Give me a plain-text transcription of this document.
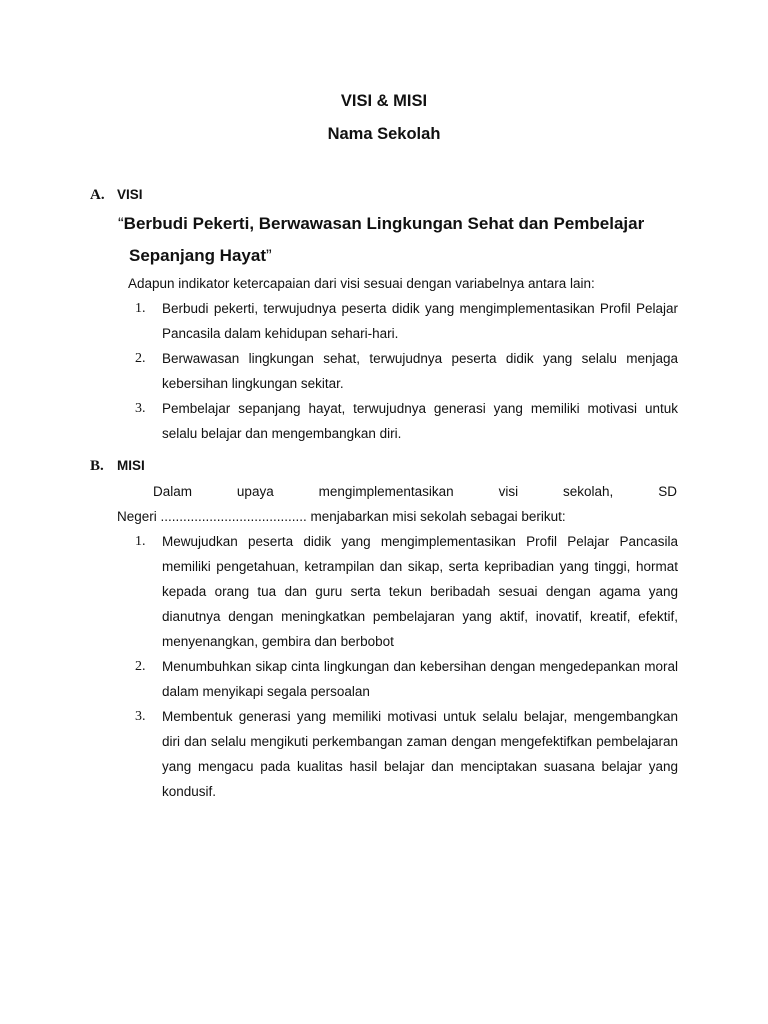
VISI & MISI
Nama Sekolah
A. VISI

“Berbudi Pekerti, Berwawasan Lingkungan Sehat dan Pembelajar
Sepanjang Hayat”

Adapun indikator ketercapaian dari visi sesuai dengan variabelnya antara lain:

1. Berbudi pekerti, terwujudnya peserta didik yang mengimplementasikan Profil Pelajar Pancasila dalam kehidupan sehari-hari.
2. Berwawasan lingkungan sehat, terwujudnya peserta didik yang selalu menjaga kebersihan lingkungan sekitar.
3. Pembelajar sepanjang hayat, terwujudnya generasi yang memiliki motivasi untuk selalu belajar dan mengembangkan diri.
B. MISI
Dalam	upaya	mengimplementasikan	visi	sekolah,	SD

Negeri ....................................... menjabarkan misi sekolah sebagai berikut:

1. Mewujudkan peserta didik yang mengimplementasikan Profil Pelajar Pancasila memiliki pengetahuan, ketrampilan dan sikap, serta kepribadian yang tinggi, hormat kepada orang tua dan guru serta tekun beribadah sesuai dengan agama yang dianutnya dengan meningkatkan pembelajaran yang aktif, inovatif, kreatif, efektif, menyenangkan, gembira dan berbobot
2. Menumbuhkan sikap cinta lingkungan dan kebersihan dengan mengedepankan moral dalam menyikapi segala persoalan
3. Membentuk generasi yang memiliki motivasi untuk selalu belajar, mengembangkan diri dan selalu mengikuti perkembangan zaman dengan mengefektifkan pembelajaran yang mengacu pada kualitas hasil belajar dan menciptakan suasana belajar yang kondusif.
